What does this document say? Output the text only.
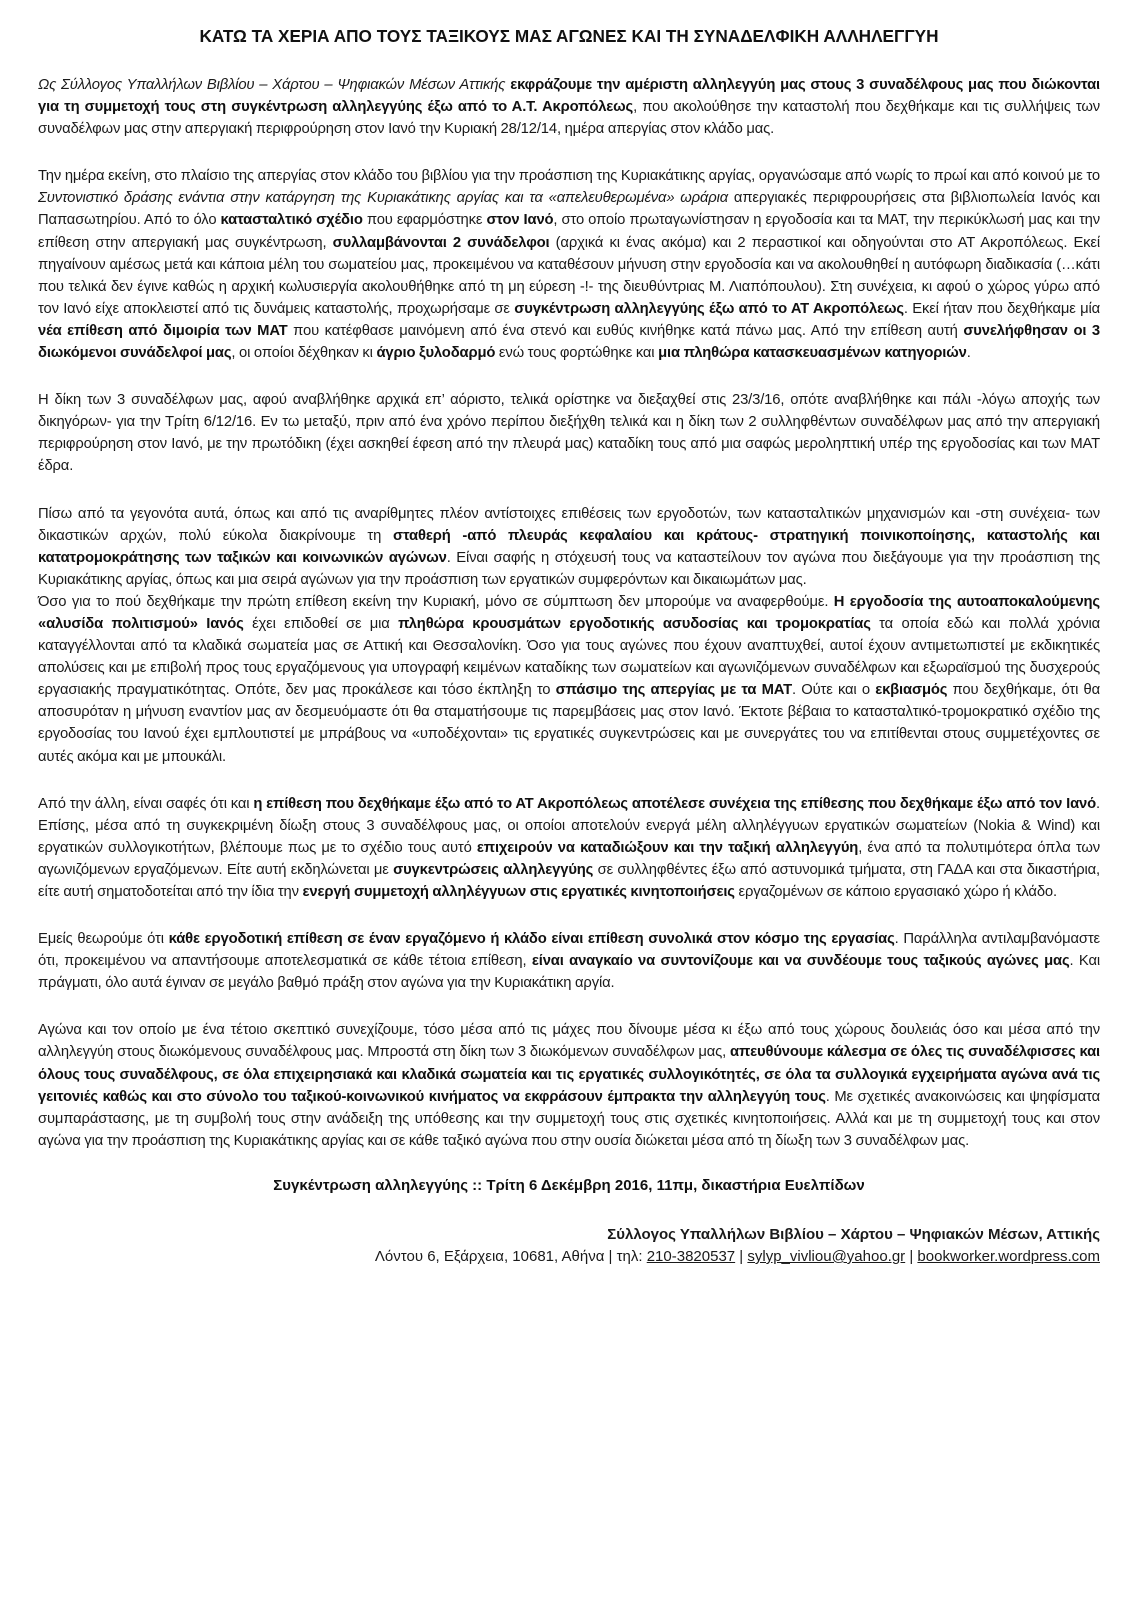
ΚΑΤΩ ΤΑ ΧΕΡΙΑ ΑΠΟ ΤΟΥΣ ΤΑΞΙΚΟΥΣ ΜΑΣ ΑΓΩΝΕΣ ΚΑΙ ΤΗ ΣΥΝΑΔΕΛΦΙΚΗ ΑΛΛΗΛΕΓΓΥΗ

Ως Σύλλογος Υπαλλήλων Βιβλίου – Χάρτου – Ψηφιακών Μέσων Αττικής εκφράζουμε την αμέριστη αλληλεγγύη μας στους 3 συναδέλφους μας που διώκονται για τη συμμετοχή τους στη συγκέντρωση αλληλεγγύης έξω από το Α.Τ. Ακροπόλεως, που ακολούθησε την καταστολή που δεχθήκαμε και τις συλλήψεις των συναδέλφων μας στην απεργιακή περιφρούρηση στον Ιανό την Κυριακή 28/12/14, ημέρα απεργίας στον κλάδο μας.

Την ημέρα εκείνη, στο πλαίσιο της απεργίας στον κλάδο του βιβλίου για την προάσπιση της Κυριακάτικης αργίας, οργανώσαμε από νωρίς το πρωί και από κοινού με το Συντονιστικό δράσης ενάντια στην κατάργηση της Κυριακάτικης αργίας και τα «απελευθερωμένα» ωράρια απεργιακές περιφρουρήσεις στα βιβλιοπωλεία Ιανός και Παπασωτηρίου. Από το όλο κατασταλτικό σχέδιο που εφαρμόστηκε στον Ιανό, στο οποίο πρωταγωνίστησαν η εργοδοσία και τα ΜΑΤ, την περικύκλωσή μας και την επίθεση στην απεργιακή μας συγκέντρωση, συλλαμβάνονται 2 συνάδελφοι (αρχικά κι ένας ακόμα) και 2 περαστικοί και οδηγούνται στο ΑΤ Ακροπόλεως. Εκεί πηγαίνουν αμέσως μετά και κάποια μέλη του σωματείου μας, προκειμένου να καταθέσουν μήνυση στην εργοδοσία και να ακολουθηθεί η αυτόφωρη διαδικασία (…κάτι που τελικά δεν έγινε καθώς η αρχική κωλυσιεργία ακολουθήθηκε από τη μη εύρεση -!- της διευθύντριας Μ. Λιαπόπουλου). Στη συνέχεια, κι αφού ο χώρος γύρω από τον Ιανό είχε αποκλειστεί από τις δυνάμεις καταστολής, προχωρήσαμε σε συγκέντρωση αλληλεγγύης έξω από το ΑΤ Ακροπόλεως. Εκεί ήταν που δεχθήκαμε μία νέα επίθεση από διμοιρία των ΜΑΤ που κατέφθασε μαινόμενη από ένα στενό και ευθύς κινήθηκε κατά πάνω μας. Από την επίθεση αυτή συνελήφθησαν οι 3 διωκόμενοι συνάδελφοί μας, οι οποίοι δέχθηκαν κι άγριο ξυλοδαρμό ενώ τους φορτώθηκε και μια πληθώρα κατασκευασμένων κατηγοριών.

Η δίκη των 3 συναδέλφων μας, αφού αναβλήθηκε αρχικά επ’ αόριστο, τελικά ορίστηκε να διεξαχθεί στις 23/3/16, οπότε αναβλήθηκε και πάλι -λόγω αποχής των δικηγόρων- για την Τρίτη 6/12/16. Εν τω μεταξύ, πριν από ένα χρόνο περίπου διεξήχθη τελικά και η δίκη των 2 συλληφθέντων συναδέλφων μας από την απεργιακή περιφρούρηση στον Ιανό, με την πρωτόδικη (έχει ασκηθεί έφεση από την πλευρά μας) καταδίκη τους από μια σαφώς μεροληπτική υπέρ της εργοδοσίας και των ΜΑΤ έδρα.

Πίσω από τα γεγονότα αυτά, όπως και από τις αναρίθμητες πλέον αντίστοιχες επιθέσεις των εργοδοτών, των κατασταλτικών μηχανισμών και -στη συνέχεια- των δικαστικών αρχών, πολύ εύκολα διακρίνουμε τη σταθερή -από πλευράς κεφαλαίου και κράτους- στρατηγική ποινικοποίησης, καταστολής και κατατρομοκράτησης των ταξικών και κοινωνικών αγώνων. Είναι σαφής η στόχευσή τους να καταστείλουν τον αγώνα που διεξάγουμε για την προάσπιση της Κυριακάτικης αργίας, όπως και μια σειρά αγώνων για την προάσπιση των εργατικών συμφερόντων και δικαιωμάτων μας.

Όσο για το πού δεχθήκαμε την πρώτη επίθεση εκείνη την Κυριακή, μόνο σε σύμπτωση δεν μπορούμε να αναφερθούμε. Η εργοδοσία της αυτοαποκαλούμενης «αλυσίδα πολιτισμού» Ιανός έχει επιδοθεί σε μια πληθώρα κρουσμάτων εργοδοτικής ασυδοσίας και τρομοκρατίας τα οποία εδώ και πολλά χρόνια καταγγέλλονται από τα κλαδικά σωματεία μας σε Αττική και Θεσσαλονίκη. Όσο για τους αγώνες που έχουν αναπτυχθεί, αυτοί έχουν αντιμετωπιστεί με εκδικητικές απολύσεις και με επιβολή προς τους εργαζόμενους για υπογραφή κειμένων καταδίκης των σωματείων και αγωνιζόμενων συναδέλφων και εξωραϊσμού της δυσχερούς εργασιακής πραγματικότητας. Οπότε, δεν μας προκάλεσε και τόσο έκπληξη το σπάσιμο της απεργίας με τα ΜΑΤ. Ούτε και ο εκβιασμός που δεχθήκαμε, ότι θα αποσυρόταν η μήνυση εναντίον μας αν δεσμευόμαστε ότι θα σταματήσουμε τις παρεμβάσεις μας στον Ιανό. Έκτοτε βέβαια το κατασταλτικό-τρομοκρατικό σχέδιο της εργοδοσίας του Ιανού έχει εμπλουτιστεί με μπράβους να «υποδέχονται» τις εργατικές συγκεντρώσεις και με συνεργάτες του να επιτίθενται στους συμμετέχοντες σε αυτές ακόμα και με μπουκάλι.

Από την άλλη, είναι σαφές ότι και η επίθεση που δεχθήκαμε έξω από το ΑΤ Ακροπόλεως αποτέλεσε συνέχεια της επίθεσης που δεχθήκαμε έξω από τον Ιανό. Επίσης, μέσα από τη συγκεκριμένη δίωξη στους 3 συναδέλφους μας, οι οποίοι αποτελούν ενεργά μέλη αλληλέγγυων εργατικών σωματείων (Nokia & Wind) και εργατικών συλλογικοτήτων, βλέπουμε πως με το σχέδιο τους αυτό επιχειρούν να καταδιώξουν και την ταξική αλληλεγγύη, ένα από τα πολυτιμότερα όπλα των αγωνιζόμενων εργαζόμενων. Είτε αυτή εκδηλώνεται με συγκεντρώσεις αλληλεγγύης σε συλληφθέντες έξω από αστυνομικά τμήματα, στη ΓΑΔΑ και στα δικαστήρια, είτε αυτή σηματοδοτείται από την ίδια την ενεργή συμμετοχή αλληλέγγυων στις εργατικές κινητοποιήσεις εργαζομένων σε κάποιο εργασιακό χώρο ή κλάδο.

Εμείς θεωρούμε ότι κάθε εργοδοτική επίθεση σε έναν εργαζόμενο ή κλάδο είναι επίθεση συνολικά στον κόσμο της εργασίας. Παράλληλα αντιλαμβανόμαστε ότι, προκειμένου να απαντήσουμε αποτελεσματικά σε κάθε τέτοια επίθεση, είναι αναγκαίο να συντονίζουμε και να συνδέουμε τους ταξικούς αγώνες μας. Και πράγματι, όλο αυτά έγιναν σε μεγάλο βαθμό πράξη στον αγώνα για την Κυριακάτικη αργία.

Αγώνα και τον οποίο με ένα τέτοιο σκεπτικό συνεχίζουμε, τόσο μέσα από τις μάχες που δίνουμε μέσα κι έξω από τους χώρους δουλειάς όσο και μέσα από την αλληλεγγύη στους διωκόμενους συναδέλφους μας. Μπροστά στη δίκη των 3 διωκόμενων συναδέλφων μας, απευθύνουμε κάλεσμα σε όλες τις συναδέλφισσες και όλους τους συναδέλφους, σε όλα επιχειρησιακά και κλαδικά σωματεία και τις εργατικές συλλογικότητές, σε όλα τα συλλογικά εγχειρήματα αγώνα ανά τις γειτονιές καθώς και στο σύνολο του ταξικού-κοινωνικού κινήματος να εκφράσουν έμπρακτα την αλληλεγγύη τους. Με σχετικές ανακοινώσεις και ψηφίσματα συμπαράστασης, με τη συμβολή τους στην ανάδειξη της υπόθεσης και την συμμετοχή τους στις σχετικές κινητοποιήσεις. Αλλά και με τη συμμετοχή τους και στον αγώνα για την προάσπιση της Κυριακάτικης αργίας και σε κάθε ταξικό αγώνα που στην ουσία διώκεται μέσα από τη δίωξη των 3 συναδέλφων μας.

Συγκέντρωση αλληλεγγύης :: Τρίτη 6 Δεκέμβρη 2016, 11πμ, δικαστήρια Ευελπίδων
Σύλλογος Υπαλλήλων Βιβλίου – Χάρτου – Ψηφιακών Μέσων, Αττικής
Λόντου 6, Εξάρχεια, 10681, Αθήνα | τηλ: 210-3820537 | sylyp_vivliou@yahoo.gr | bookworker.wordpress.com
